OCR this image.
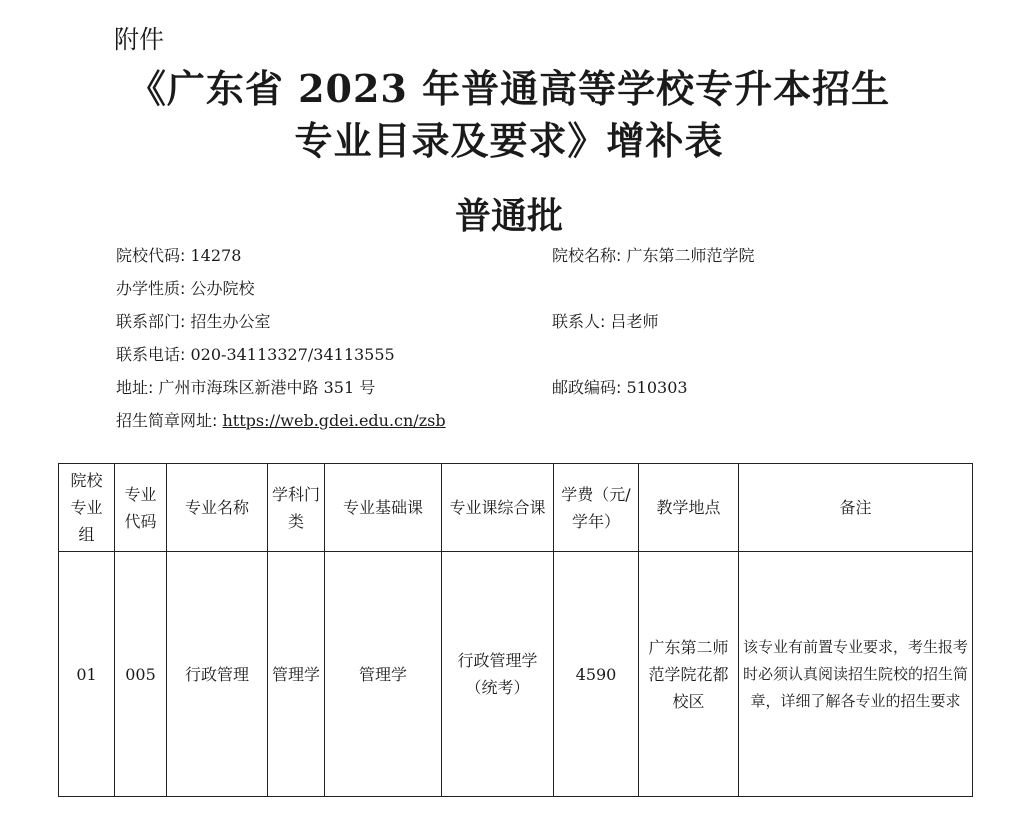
附件
《广东省 2023 年普通高等学校专升本招生
专业目录及要求》增补表
普通批
院校代码: 14278	院校名称: 广东第二师范学院
办学性质: 公办院校
联系部门: 招生办公室	联系人: 吕老师
联系电话: 020-34113327/34113555
地址: 广州市海珠区新港中路 351 号	邮政编码: 510303
招生简章网址: https://web.gdei.edu.cn/zsb
院校专业组	专业代码	专业名称	学科门类	专业基础课	专业课综合课	学费（元/学年）	教学地点	备注
01	005	行政管理	管理学	管理学	行政管理学（统考）	4590	广东第二师范学院花都校区	该专业有前置专业要求，考生报考时必须认真阅读招生院校的招生简章，详细了解各专业的招生要求
